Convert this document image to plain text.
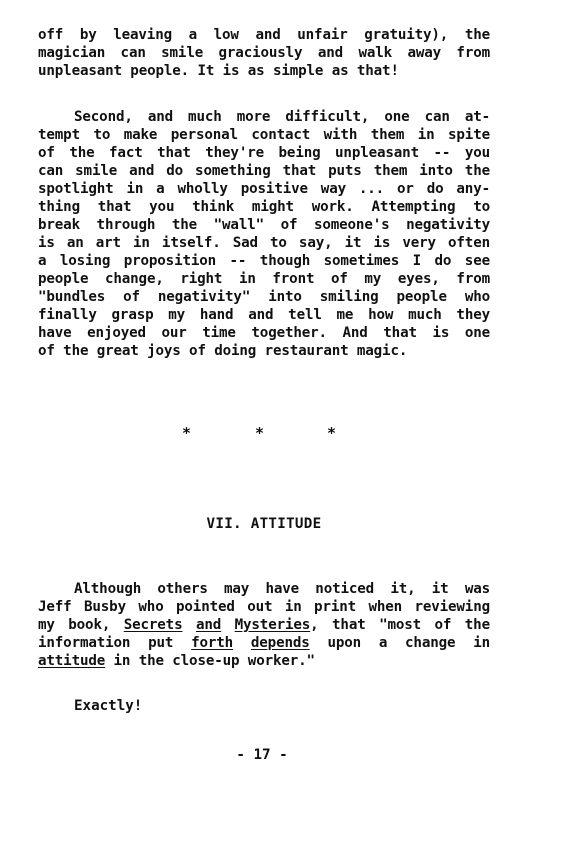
off by leaving a low and unfair gratuity), the
magician can smile graciously and walk away from
unpleasant people. It is as simple as that!
Second, and much more difficult, one can at-
tempt to make personal contact with them in spite
of the fact that they're being unpleasant -- you
can smile and do something that puts them into the
spotlight in a wholly positive way ... or do any-
thing that you think might work. Attempting to
break through the "wall" of someone's negativity
is an art in itself. Sad to say, it is very often
a losing proposition -- though sometimes I do see
people change, right in front of my eyes, from
"bundles of negativity" into smiling people who
finally grasp my hand and tell me how much they
have enjoyed our time together. And that is one
of the great joys of doing restaurant magic.
*	*	*
VII. ATTITUDE
Although others may have noticed it, it was
Jeff Busby who pointed out in print when reviewing
my book, Secrets and Mysteries, that "most of the
information put forth depends upon a change in
attitude in the close-up worker."
Exactly!
- 17 -
